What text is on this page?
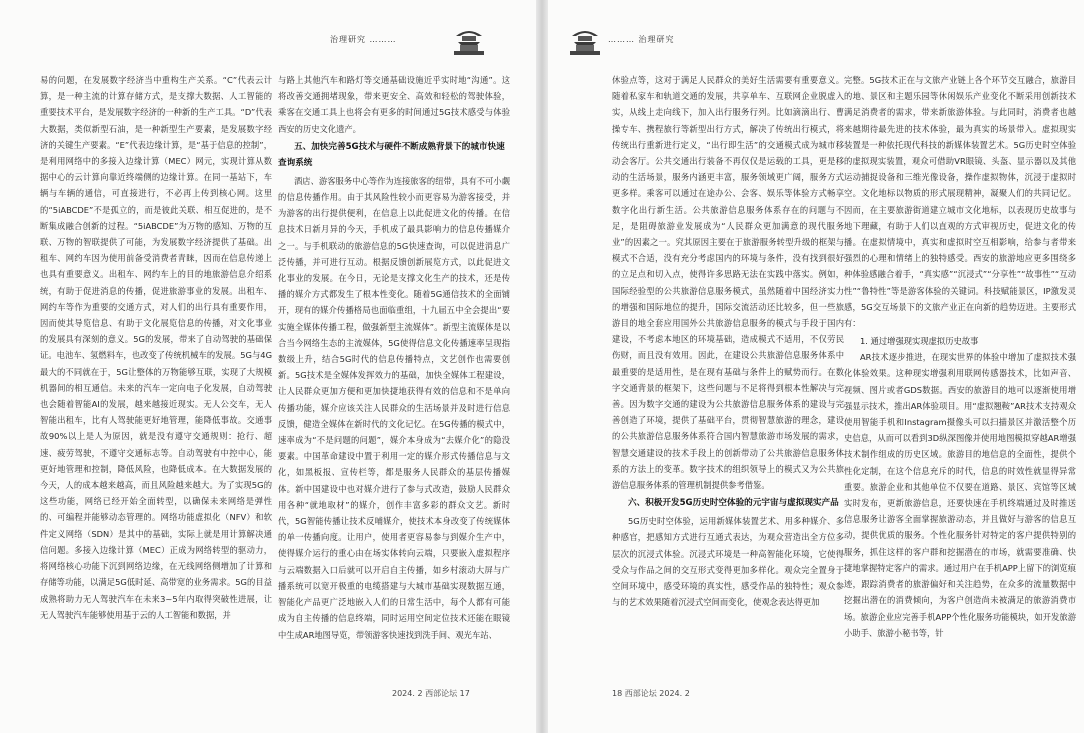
治理研究 ………

易的问题，在发展数字经济当中重构生产关系。“C”代表云计算，是一种主流的计算存储方式，是支撑大数据、人工智能的重要技术平台，是发展数字经济的一种新的生产工具。“D”代表大数据，类似新型石油，是一种新型生产要素，是发展数字经济的关键生产要素。“E”代表边缘计算，是“基于信息的控制”，是利用网络中的多接入边缘计算（MEC）网元，实现计算从数据中心的云计算向靠近终端侧的边缘计算。在同一基站下，车辆与车辆的通信，可直接进行，不必再上传到核心网。这里的“5iABCDE”不是孤立的，而是彼此关联、相互促进的，是不断集成融合创新的过程。“5iABCDE”为万物的感知、万物的互联、万物的智联提供了可能，为发展数字经济提供了基础。出租车、网约车因为使用前备受消费者青睐，因而在信息传递上也具有重要意义。出租车、网约车上的目的地旅游信息介绍系统，有助于促进消息的传播，促进旅游事业的发展。出租车、网约车等作为重要的交通方式，对人们的出行具有重要作用，因而使其导览信息、有助于文化展览信息的传播，对文化事业的发展具有深刻的意义。5G的发展，带来了自动驾驶的基础保证。电池车、氢燃料车，也改变了传统机械车的发展。5G与4G最大的不同就在于，5G让整体的万物能够互联，实现了大规模机器间的相互通信。未来的汽车一定向电子化发展，自动驾驶也会随着智能AI的发展，越来越接近现实。无人公交车，无人智能出租车，比有人驾驶能更好地管理，能降低事故。交通事故90%以上是人为原因，就是没有遵守交通规则：抢行、超速、疲劳驾驶，不遵守交通标志等。自动驾驶有中控中心，能更好地管理和控制，降低风险，也降低成本。在大数据发展的今天，人的成本越来越高，而且风险越来越大。为了实现5G的这些功能，网络已经开始全面转型，以确保未来网络是弹性的、可编程并能够动态管理的。网络功能虚拟化（NFV）和软件定义网络（SDN）是其中的基础，实际上就是用计算解决通信问题。多接入边缘计算（MEC）正成为网络转型的驱动力，将网络核心功能下沉到网络边缘，在无线网络侧增加了计算和存储等功能，以满足5G低时延、高带宽的业务需求。5G的目益成熟将助力无人驾驶汽车在未来3~5年内取得突破性进展，让无人驾驶汽车能够使用基于云的人工智能和数据，并

与路上其他汽车和路灯等交通基础设施近乎实时地“沟通”。这将改善交通拥堵现象，带来更安全、高效和轻松的驾驶体验，乘客在交通工具上也将会有更多的时间通过5G技术感受与体验西安的历史文化遗产。

五、加快完善5G技术与硬件不断成熟背景下的城市快速查询系统

酒店、游客服务中心等作为连接旅客的纽带，具有不可小觑的信息传播作用。由于其风险性较小而更容易为游客接受，并为游客的出行提供便利，在信息上以此促进文化的传播。在信息技术日新月异的今天，手机成了最具影响力的信息传播媒介之一。与手机联动的旅游信息的5G快速查询，可以促进消息广泛传播，并可进行互动。根据反馈创新展览方式，以此促进文化事业的发展。在今日，无论是支撑文化生产的技术，还是传播的媒介方式都发生了根本性变化。随着5G通信技术的全面铺开，现有的媒介传播格局也面临重组，十九届五中全会提出“要实施全媒体传播工程，做强新型主流媒体”。新型主流媒体是以合当今网络生态的主流媒体，5G使得信息文化传播速率呈现指数级上升，结合5G时代的信息传播特点，文艺创作也需要创新。5G技术是全媒体发挥效力的基础，加快全媒体工程建设，让人民群众更加方便和更加快捷地获得有效的信息和不是单向传播功能，媒介应该关注人民群众的生活场景并及时进行信息反馈，健造全媒体在新时代的文化记忆。在5G传播的模式中，速率成为“不是问题的问题”，媒介本身成为“去媒介化”的隐没要素。中国革命建设中置于利用一定的媒介形式传播信息与文化，如黑板报、宣传栏等，都是服务人民群众的基层传播媒体。新中国建设中也对媒介进行了参与式改造，鼓励人民群众用各种“就地取材”的媒介，创作丰富多彩的群众文艺。新时代，5G智能传播让技术反哺媒介，使技术本身改变了传统媒体的单一传播向度。让用户，使用者更容易参与到媒介生产中，使得媒介运行的重心由在场实体转向云端，只要嵌入虚拟程序与云端数据入口后就可以开启自主传播，如乡村滚动大屏与广播系统可以宽开极重的电缆搭建与大城市基础实现数据互通，智能化产品更广泛地嵌入人们的日常生活中，每个人都有可能成为自主传播的信息终端，同时运用空间定位技术还能在眼镜中生成AR地图导览，带领游客快速找到洗手间、观光车站、

2024. 2 西部论坛 17
……… 治理研究

休验点等，这对于满足人民群众的美好生活需要有重要意义。随着私家车和轨道交通的发展，共享单车、互联网企业脱虚入实，从线上走向线下，加入出行服务行列。比如滴滴出行、曹操专车、携程旅行等新型出行方式，解决了传统出行模式，将传统出行重新进行定义，“出行即生活”的交通模式成为城市移动会客厅。公共交通出行装备不再仅仅是运载的工具，更是移动的生活场景，服务内涵更丰富，服务领域更广阔，服务方式更多样。乘客可以通过在途办公、会客、娱乐等体验方式畅享数字化出行新生活。公共旅游信息服务体系存在的问题与不足，是阻碍旅游业发展成为“人民群众更加满意的现代服务业”的因素之一。究其原因主要在于旅游服务转型升级的框架与模式不合适，没有充分考虑国内的环境与条件，没有找到很好的立足点和切入点，使得许多思路无法在实践中落实。例如，国际经验型的公共旅游信息服务模式，虽然随着中国经济实力的增强和国际地位的提升，国际交流活动还比较多，但一些旅游目的地全套应用国外公共旅游信息服务的模式与手段于国内建设，不考虑本地区的环境基础，造成模式不适用，不仅劳民伤财，而且没有效用。因此，在建设公共旅游信息服务体系中最重要的是适用性，是在现有基础与条件上的赋势而行。在数字交通背景的框架下，这些问题与不足将得到根本性解决与完善。因为数字交通的建设为公共旅游信息服务体系的建设与完善创造了环境，提供了基础平台，贯彻智慧旅游的理念，建设的公共旅游信息服务体系符合国内智慧旅游市场发展的需求，智慧交通建设的技术手段上的创新带动了公共旅游信息服务体系的方法上的变革。数字技术的组织领导上的模式又为公共旅游信息服务体系的管理机制提供参考借鉴。

六、积极开发5G历史时空体验的元宇宙与虚拟现实产品

5G历史时空体验，运用新媒体装置艺术、用多种媒介、多种感官，把感知方式进行互通式表达，为观众营造出全方位多层次的沉浸式体验。沉浸式环境是一种高智能化环境，它使得受众与作品之间的交互形式变得更加多样化。观众完全置身于空间环境中，感受环境的真实性，感受作品的独特性；观众参与的艺术效果随着沉浸式空间而变化，使观念表达得更加

完整。5G技术正在与文旅产业链上各个环节交互融合，旅游目的地、景区和主题乐园等休闲娱乐产业变化不断采用创新技术满足消费者的需求，带来新旅游体验。与此同时，消费者也越来越期待最先进的技术体验，最为真实的场景带入。虚拟现实装置是一种依托现代科技的新媒体装置艺术。5G历史时空体验的虚拟现实装置，观众可借助VR眼镜、头盔、显示器以及其他运动捕捉设备和三维光像设备，操作虚拟物体，沉浸于虚拟时空。文化地标以物质的形式展现精神，凝聚人们的共同记忆。因而，在主要旅游街道建立城市文化地标，以表现历史故事与地下理藏，有助于人们以直观的方式审视历史，促进文化的传播。在虚拟情境中，真实和虚拟时空互相影响，给参与者带来强烈的心理和情绪上的独特感受。西安的旅游地应更多围绕多种体验感融合着手，“真实感”“沉浸式”“分享性”“故事性”“互动性”“鲁特性”等是游客体验的关键词。科技赋能景区，IP激发灵感，5G交互场景下的文旅产业正在向新的趋势迈进。主要形式有：

1. 通过增强现实现虚拟历史故事

AR技术逐步推进，在现实世界的体验中增加了虚拟技术强化体验效果。这种现实增强利用联网传感器技术，比如声音、视频、图片或者GDS数据。西安的旅游目的地可以逐渐使用增强显示技术，推出AR体验项目。用“虚拟翘鞍”AR技术支持观众使用智能手机和Instagram摄像头可以扫描景区并激活整个历史信息，从而可以看到3D纵深图像并使用地图模拟穿越AR增强技术制作组成的历史区域。旅游目的地信息的全面性，提供个性化定制，在这个信息充斥的时代，信息的时效性就显得异常重要。旅游企业和其他单位不仅要在道路、景区、宾馆等区域实时发布，更新旅游信息，还要快速在手机终端通过及时推送信息服务让游客全面掌握旅游动态，并且做好与游客的信息互动，提供优质的服务。个性化服务针对特定的客户提供特别的服务，抓住这样的客户群和挖掘潜在的市场，就需要准确、快捷地掌握特定客户的需求。通过用户在手机APP上留下的浏览痕迹，跟踪消费者的旅游偏好和关注趋势，在众多的流量数据中挖掘出潜在的消费倾向，为客户创造尚未被满足的旅游消费市场。旅游企业应完善手机APP个性化服务功能模块，如开发旅游小助手、旅游小秘书等，针

18 西部论坛 2024. 2
